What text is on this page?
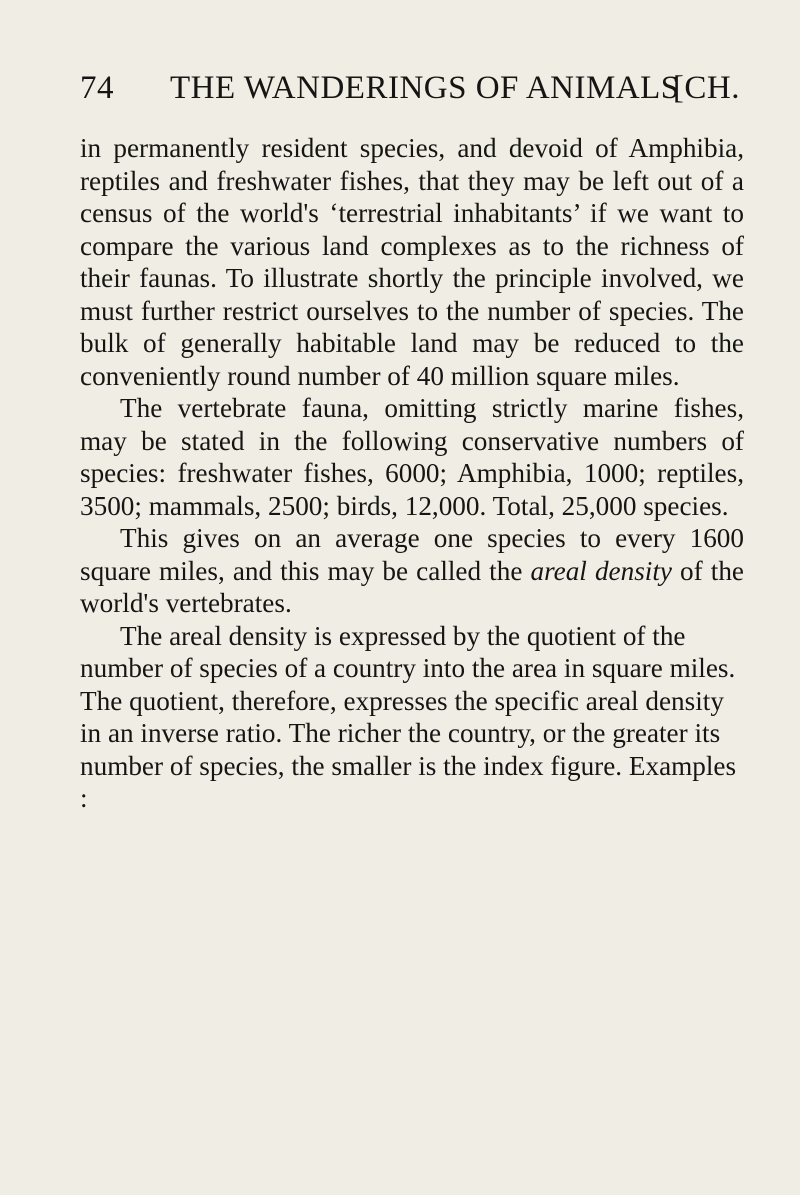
74 THE WANDERINGS OF ANIMALS
[CH.

in permanently resident species, and devoid of Amphibia, reptiles and freshwater fishes, that they may be left out of a census of the world's ‘terrestrial inhabitants’ if we want to compare the various land complexes as to the richness of their faunas. To illustrate shortly the principle involved, we must further restrict ourselves to the number of species. The bulk of generally habitable land may be reduced to the conveniently round number of 40 million square miles.

The vertebrate fauna, omitting strictly marine fishes, may be stated in the following conservative numbers of species: freshwater fishes, 6000; Amphibia, 1000; reptiles, 3500; mammals, 2500; birds, 12,000. Total, 25,000 species.

This gives on an average one species to every 1600 square miles, and this may be called the areal density of the world's vertebrates.

The areal density is expressed by the quotient of the number of species of a country into the area in square miles. The quotient, therefore, expresses the specific areal density in an inverse ratio. The richer the country, or the greater its number of species, the smaller is the index figure. Examples :
